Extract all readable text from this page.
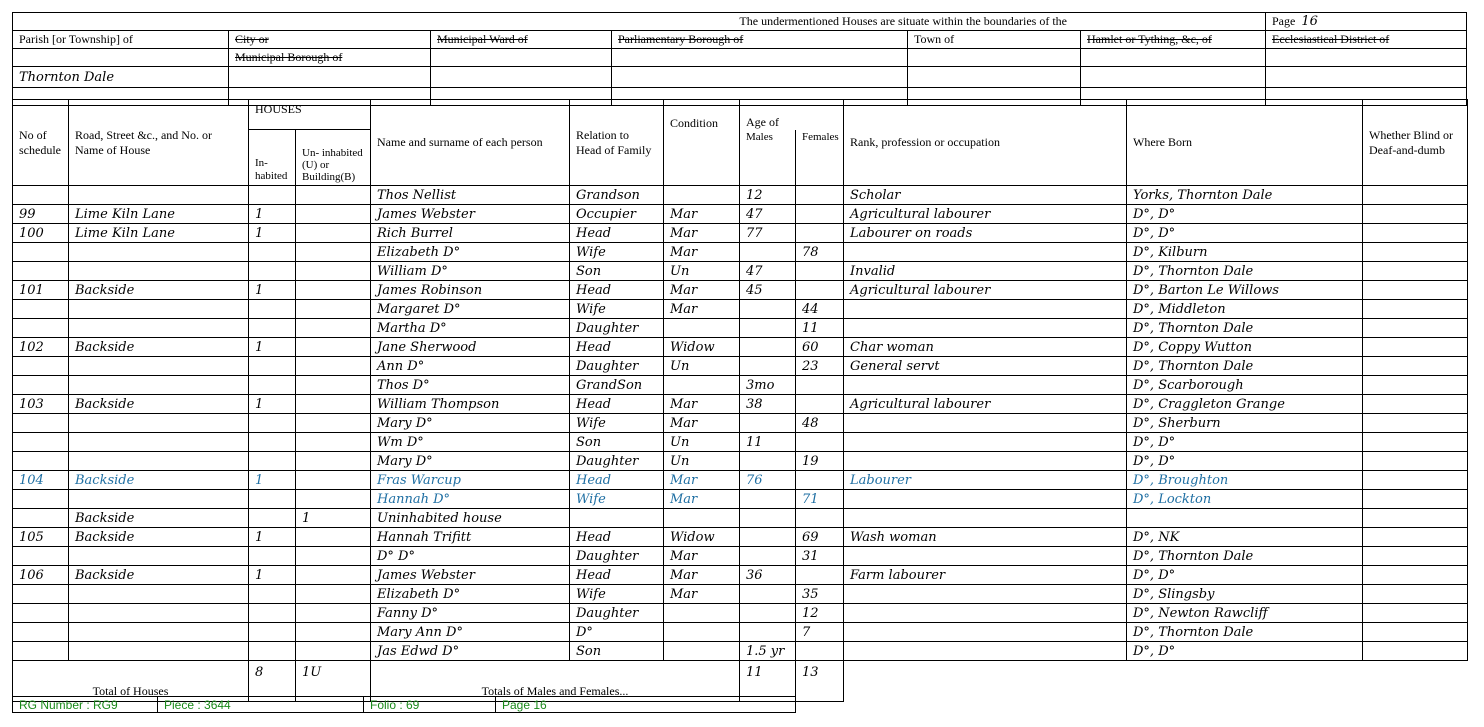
The undermentioned Houses are situate within the boundaries of the						Page 16
Parish [or Township] of	City or	Municipal Ward of	Parliamentary Borough of	Town of	Hamlet or Tything, &c, of	Ecclesiastical District of
	Municipal Borough of					
Thornton Dale						

No of schedule	Road, Street &c., and No. or Name of House	HOUSES		Name and surname of each person	Relation to Head of Family	Condition	Age of		Rank, profession or occupation	Where Born	Whether Blind or Deaf-and-dumb
		In- habited	Un- inhabited (U) or Building(B)				Males	Females			
				Thos Nellist	Grandson		12		Scholar	Yorks, Thornton Dale	
99	Lime Kiln Lane	1		James Webster	Occupier	Mar	47		Agricultural labourer	D°, D°	
100	Lime Kiln Lane	1		Rich Burrel	Head	Mar	77		Labourer on roads	D°, D°	
				Elizabeth D°	Wife	Mar		78		D°, Kilburn	
				William D°	Son	Un	47		Invalid	D°, Thornton Dale	
101	Backside	1		James Robinson	Head	Mar	45		Agricultural labourer	D°, Barton Le Willows	
				Margaret D°	Wife	Mar		44		D°, Middleton	
				Martha D°	Daughter			11		D°, Thornton Dale	
102	Backside	1		Jane Sherwood	Head	Widow		60	Char woman	D°, Coppy Wutton	
				Ann D°	Daughter	Un		23	General servt	D°, Thornton Dale	
				Thos D°	GrandSon		3mo			D°, Scarborough	
103	Backside	1		William Thompson	Head	Mar	38		Agricultural labourer	D°, Craggleton Grange	
				Mary D°	Wife	Mar		48		D°, Sherburn	
				Wm D°	Son	Un	11			D°, D°	
				Mary D°	Daughter	Un		19		D°, D°	
104	Backside	1		Fras Warcup	Head	Mar	76		Labourer	D°, Broughton	
				Hannah D°	Wife	Mar		71		D°, Lockton	
	Backside		1	Uninhabited house							
105	Backside	1		Hannah Trifitt	Head	Widow		69	Wash woman	D°, NK	
				D° D°	Daughter	Mar		31		D°, Thornton Dale	
106	Backside	1		James Webster	Head	Mar	36		Farm labourer	D°, D°	
				Elizabeth D°	Wife	Mar		35		D°, Slingsby	
				Fanny D°	Daughter			12		D°, Newton Rawcliff	
				Mary Ann D°	D°			7		D°, Thornton Dale	
				Jas Edwd D°	Son		1.5 yr			D°, D°	
Total of Houses		8	1U	Totals of Males and Females...			11	13			
RG Number : RG9	Piece : 3644	Folio : 69	Page 16
